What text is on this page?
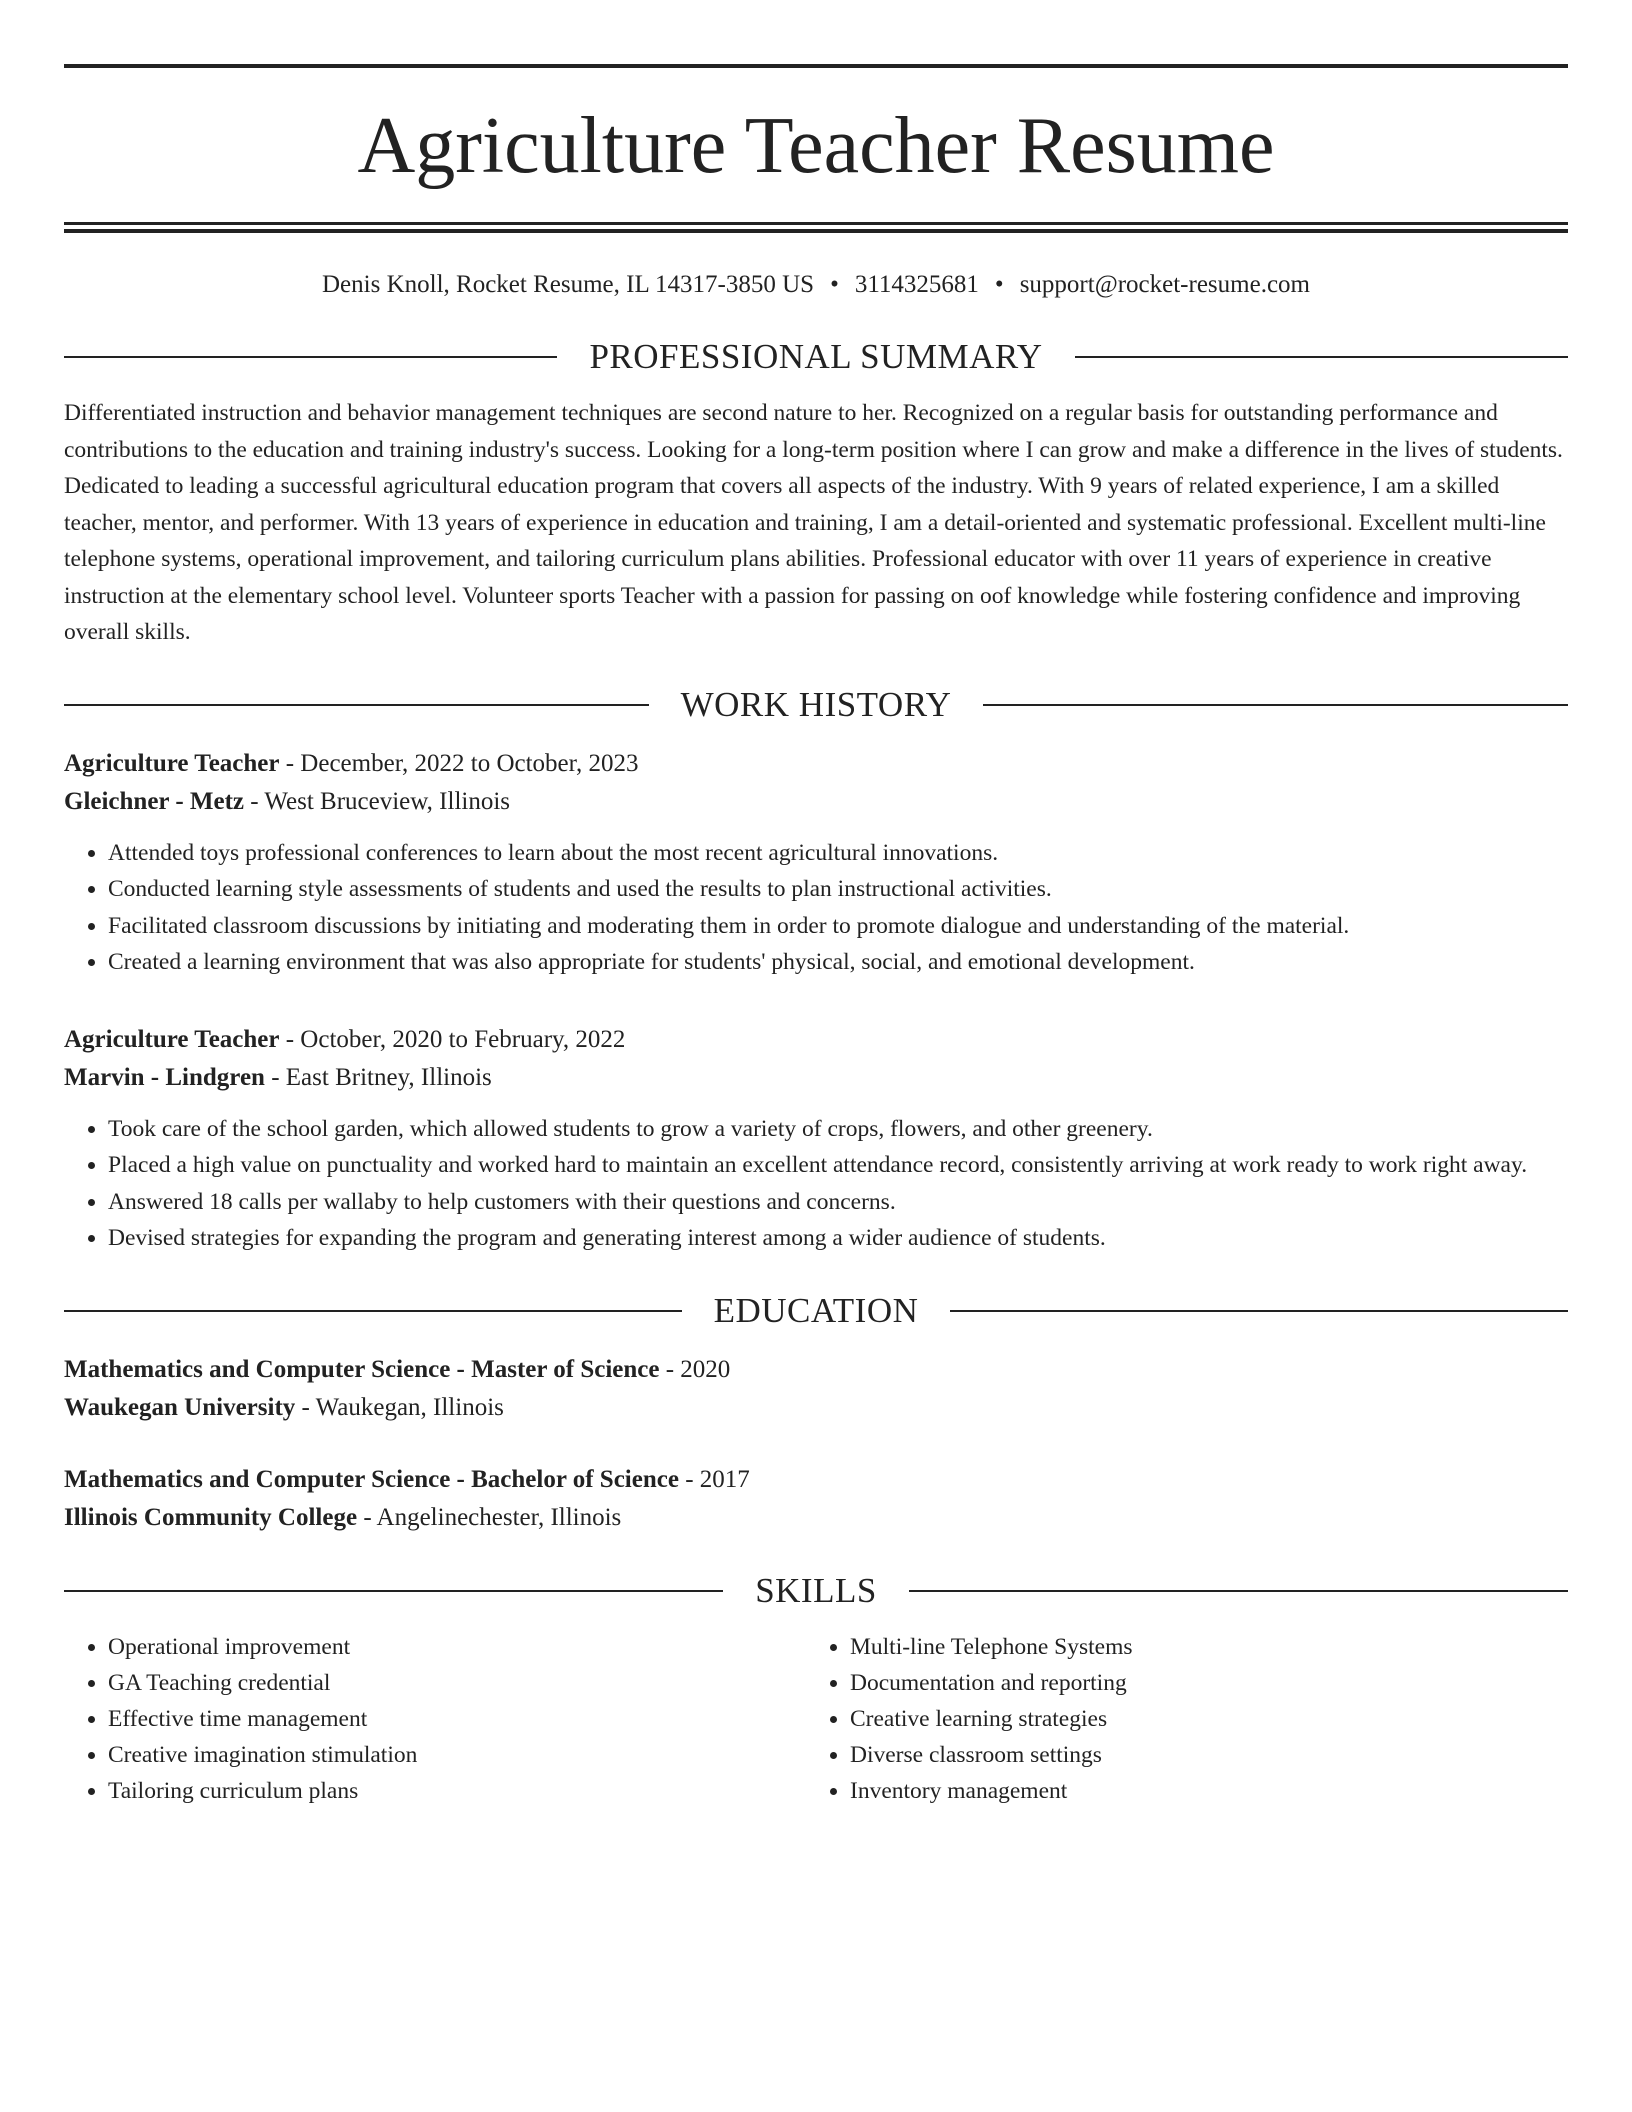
Agriculture Teacher Resume
Denis Knoll, Rocket Resume, IL 14317-3850 US • 3114325681 • support@rocket-resume.com
PROFESSIONAL SUMMARY
Differentiated instruction and behavior management techniques are second nature to her. Recognized on a regular basis for outstanding performance and contributions to the education and training industry's success. Looking for a long-term position where I can grow and make a difference in the lives of students. Dedicated to leading a successful agricultural education program that covers all aspects of the industry. With 9 years of related experience, I am a skilled teacher, mentor, and performer. With 13 years of experience in education and training, I am a detail-oriented and systematic professional. Excellent multi-line telephone systems, operational improvement, and tailoring curriculum plans abilities. Professional educator with over 11 years of experience in creative instruction at the elementary school level. Volunteer sports Teacher with a passion for passing on oof knowledge while fostering confidence and improving overall skills.
WORK HISTORY
Agriculture Teacher - December, 2022 to October, 2023
Gleichner - Metz - West Bruceview, Illinois
• Attended toys professional conferences to learn about the most recent agricultural innovations.
• Conducted learning style assessments of students and used the results to plan instructional activities.
• Facilitated classroom discussions by initiating and moderating them in order to promote dialogue and understanding of the material.
• Created a learning environment that was also appropriate for students' physical, social, and emotional development.
Agriculture Teacher - October, 2020 to February, 2022
Marvin - Lindgren - East Britney, Illinois
• Took care of the school garden, which allowed students to grow a variety of crops, flowers, and other greenery.
• Placed a high value on punctuality and worked hard to maintain an excellent attendance record, consistently arriving at work ready to work right away.
• Answered 18 calls per wallaby to help customers with their questions and concerns.
• Devised strategies for expanding the program and generating interest among a wider audience of students.
EDUCATION
Mathematics and Computer Science - Master of Science - 2020
Waukegan University - Waukegan, Illinois
Mathematics and Computer Science - Bachelor of Science - 2017
Illinois Community College - Angelinechester, Illinois
SKILLS
• Operational improvement
• GA Teaching credential
• Effective time management
• Creative imagination stimulation
• Tailoring curriculum plans
• Multi-line Telephone Systems
• Documentation and reporting
• Creative learning strategies
• Diverse classroom settings
• Inventory management
